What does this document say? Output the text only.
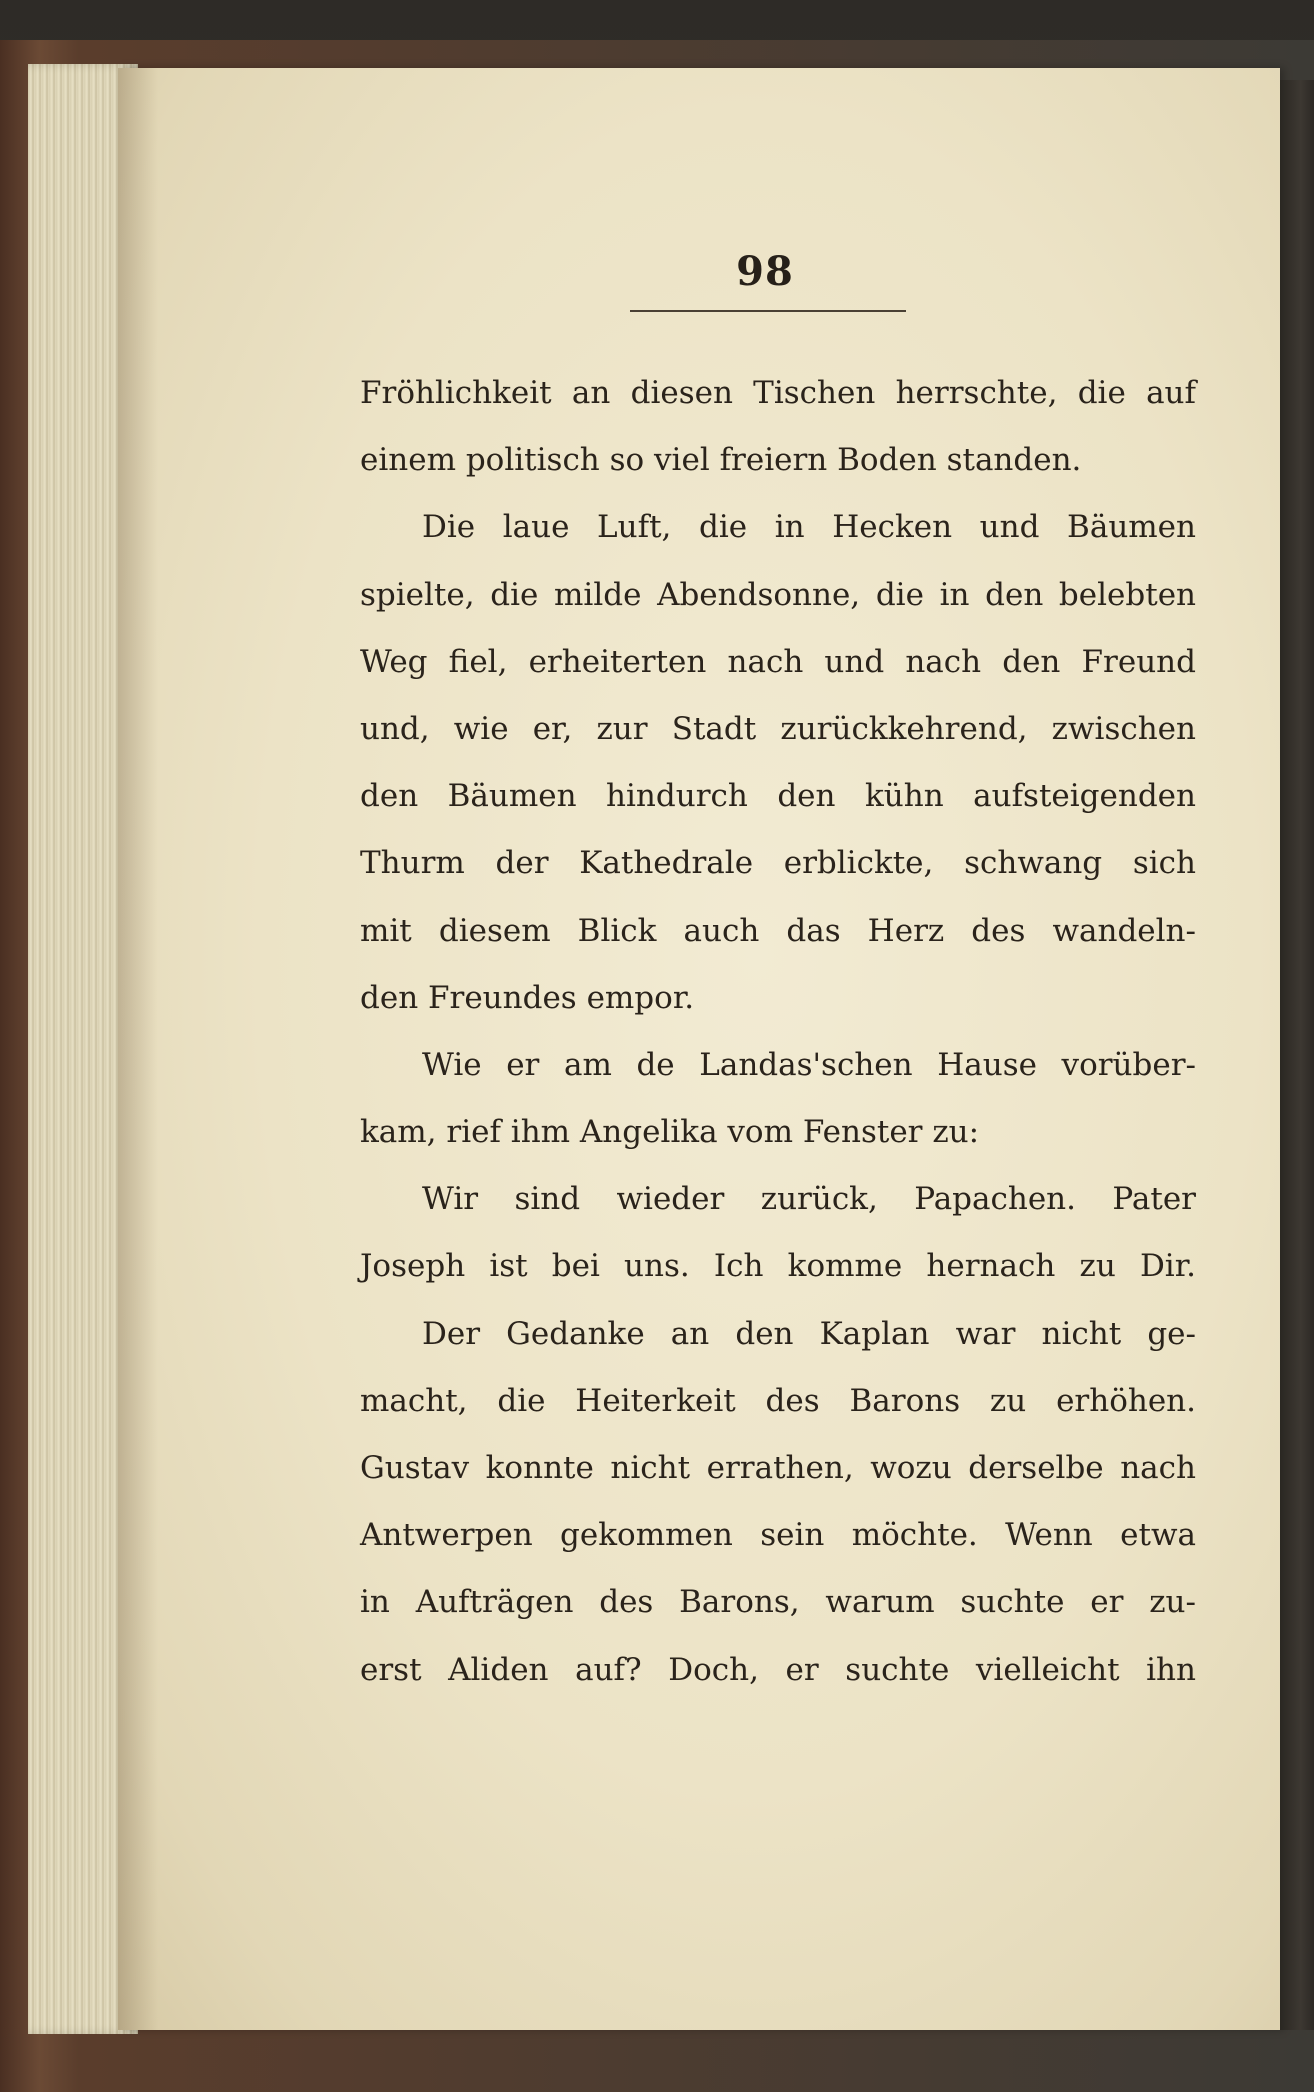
98
Fröhlichkeit an diesen Tischen herrschte, die auf
einem politisch so viel freiern Boden standen.
Die laue Luft, die in Hecken und Bäumen
spielte, die milde Abendsonne, die in den belebten
Weg fiel, erheiterten nach und nach den Freund
und, wie er, zur Stadt zurückkehrend, zwischen
den Bäumen hindurch den kühn aufsteigenden
Thurm der Kathedrale erblickte, schwang sich
mit diesem Blick auch das Herz des wandeln-
den Freundes empor.
Wie er am de Landas'schen Hause vorüber-
kam, rief ihm Angelika vom Fenster zu:
Wir sind wieder zurück, Papachen. Pater
Joseph ist bei uns. Ich komme hernach zu Dir.
Der Gedanke an den Kaplan war nicht ge-
macht, die Heiterkeit des Barons zu erhöhen.
Gustav konnte nicht errathen, wozu derselbe nach
Antwerpen gekommen sein möchte. Wenn etwa
in Aufträgen des Barons, warum suchte er zu-
erst Aliden auf? Doch, er suchte vielleicht ihn
